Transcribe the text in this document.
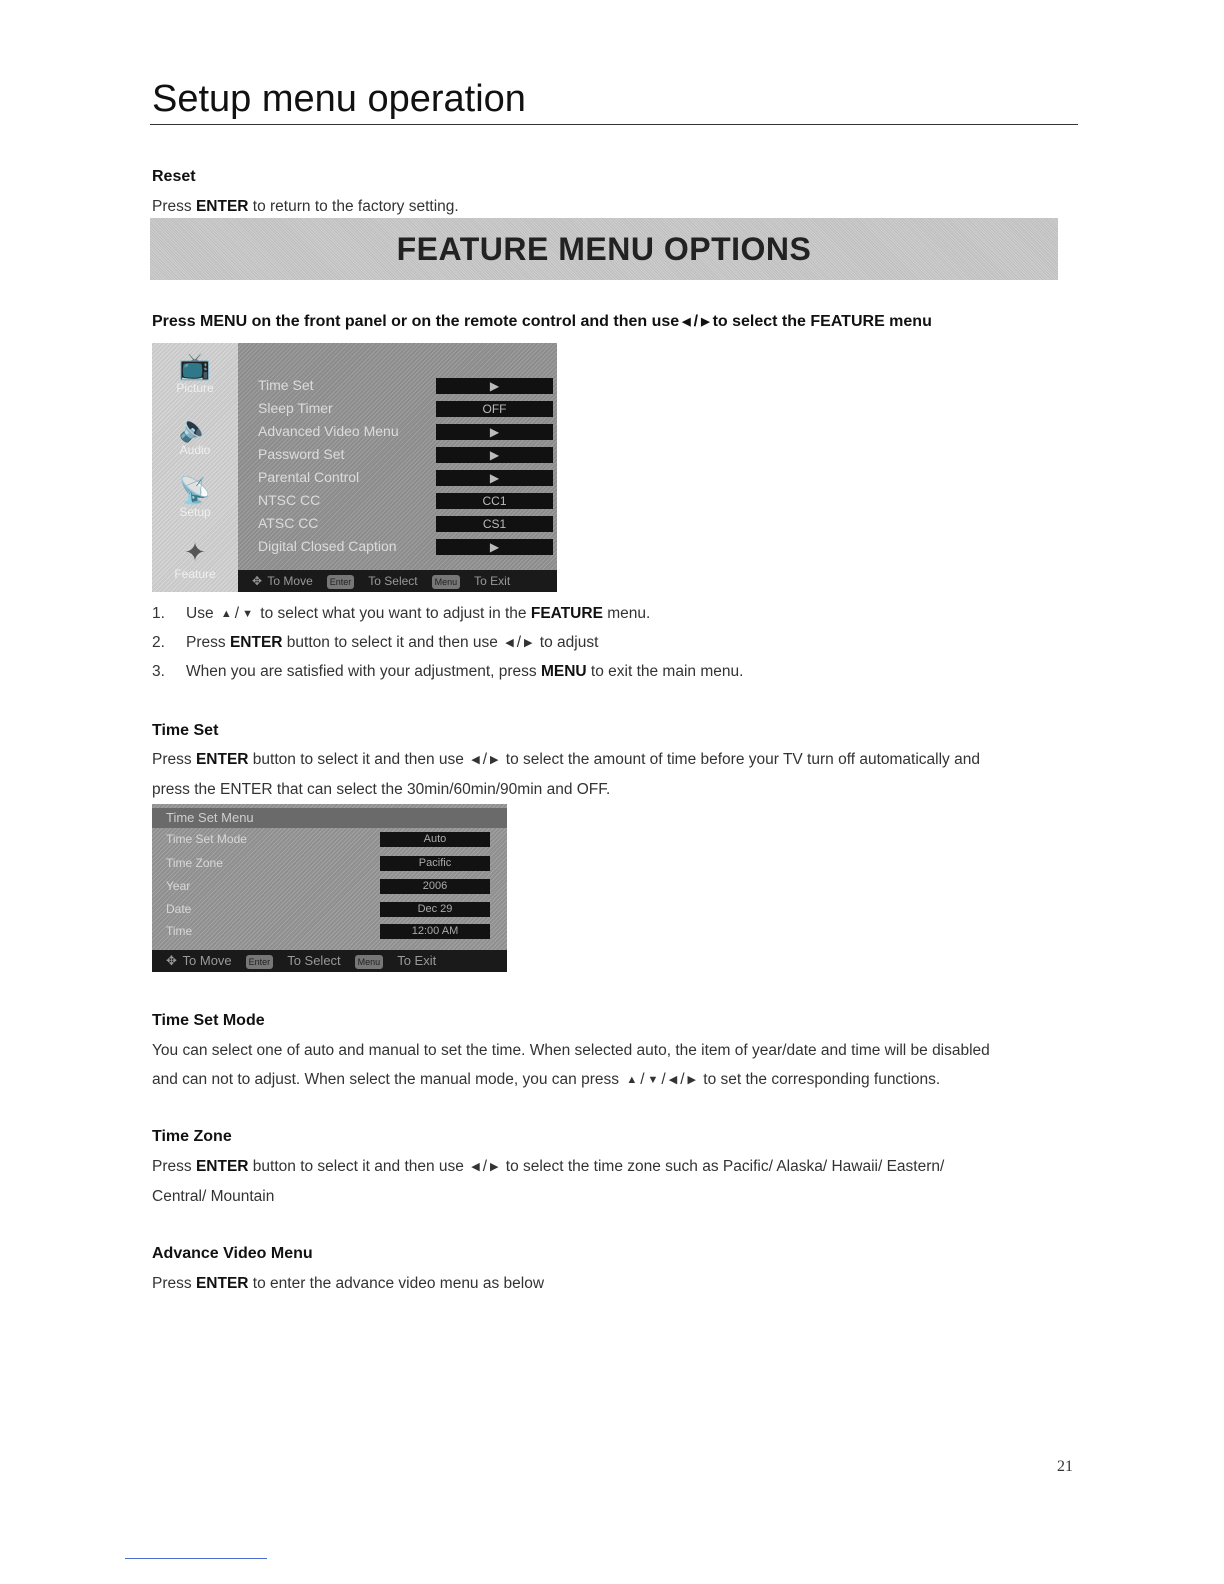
Setup menu operation
Reset
Press ENTER to return to the factory setting.
FEATURE MENU OPTIONS
Press MENU on the front panel or on the remote control and then use ◀ / ▶ to select the FEATURE menu
📺
Picture
🔈
Audio
📡
Setup
✦
Feature
Time Set	▶
Sleep Timer	OFF
Advanced Video Menu	▶
Password Set	▶
Parental Control	▶
NTSC CC	CC1
ATSC CC	CS1
Digital Closed Caption	▶
✥ To Move Enter To Select Menu To Exit
1. Use ▲ / ▼ to select what you want to adjust in the FEATURE menu.
2. Press ENTER button to select it and then use ◀ / ▶ to adjust
3. When you are satisfied with your adjustment, press MENU to exit the main menu.
Time Set
Press ENTER button to select it and then use ◀ / ▶ to select the amount of time before your TV turn off automatically and
press the ENTER that can select the 30min/60min/90min and OFF.
Time Set Menu
Time Set Mode	Auto
Time Zone	Pacific
Year	2006
Date	Dec 29
Time	12:00 AM
✥ To Move Enter To Select Menu To Exit
Time Set Mode
You can select one of auto and manual to set the time. When selected auto, the item of year/date and time will be disabled
and can not to adjust. When select the manual mode, you can press ▲ / ▼ / ◀ / ▶ to set the corresponding functions.
Time Zone
Press ENTER button to select it and then use ◀ / ▶ to select the time zone such as Pacific/ Alaska/ Hawaii/ Eastern/
Central/ Mountain
Advance Video Menu
Press ENTER to enter the advance video menu as below
21
